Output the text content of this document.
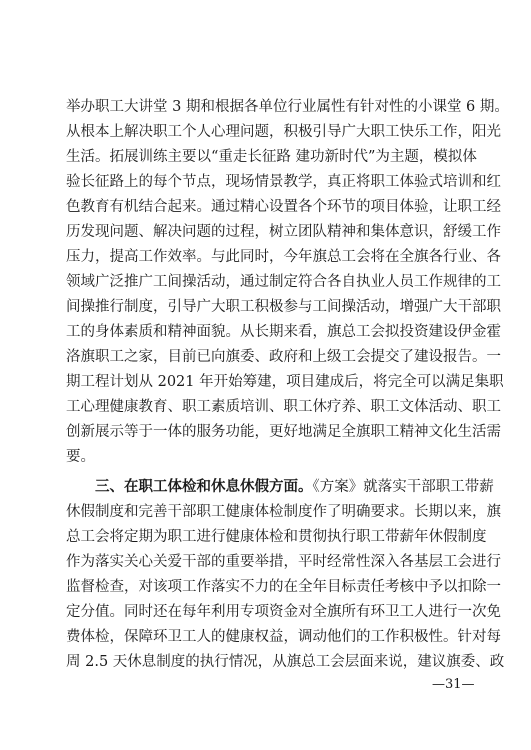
举办职工大讲堂 3 期和根据各单位行业属性有针对性的小课堂 6 期。
从根本上解决职工个人心理问题，积极引导广大职工快乐工作，阳光
生活。拓展训练主要以“重走长征路 建功新时代”为主题，模拟体
验长征路上的每个节点，现场情景教学，真正将职工体验式培训和红
色教育有机结合起来。通过精心设置各个环节的项目体验，让职工经
历发现问题、解决问题的过程，树立团队精神和集体意识，舒缓工作
压力，提高工作效率。与此同时，今年旗总工会将在全旗各行业、各
领域广泛推广工间操活动，通过制定符合各自执业人员工作规律的工
间操推行制度，引导广大职工积极参与工间操活动，增强广大干部职
工的身体素质和精神面貌。从长期来看，旗总工会拟投资建设伊金霍
洛旗职工之家，目前已向旗委、政府和上级工会提交了建设报告。一
期工程计划从 2021 年开始筹建，项目建成后，将完全可以满足集职
工心理健康教育、职工素质培训、职工休疗养、职工文体活动、职工
创新展示等于一体的服务功能，更好地满足全旗职工精神文化生活需
要。
三、在职工体检和休息休假方面。《方案》就落实干部职工带薪
休假制度和完善干部职工健康体检制度作了明确要求。长期以来，旗
总工会将定期为职工进行健康体检和贯彻执行职工带薪年休假制度
作为落实关心关爱干部的重要举措，平时经常性深入各基层工会进行
监督检查，对该项工作落实不力的在全年目标责任考核中予以扣除一
定分值。同时还在每年利用专项资金对全旗所有环卫工人进行一次免
费体检，保障环卫工人的健康权益，调动他们的工作积极性。针对每
周 2.5 天休息制度的执行情况，从旗总工会层面来说，建议旗委、政
—31—
